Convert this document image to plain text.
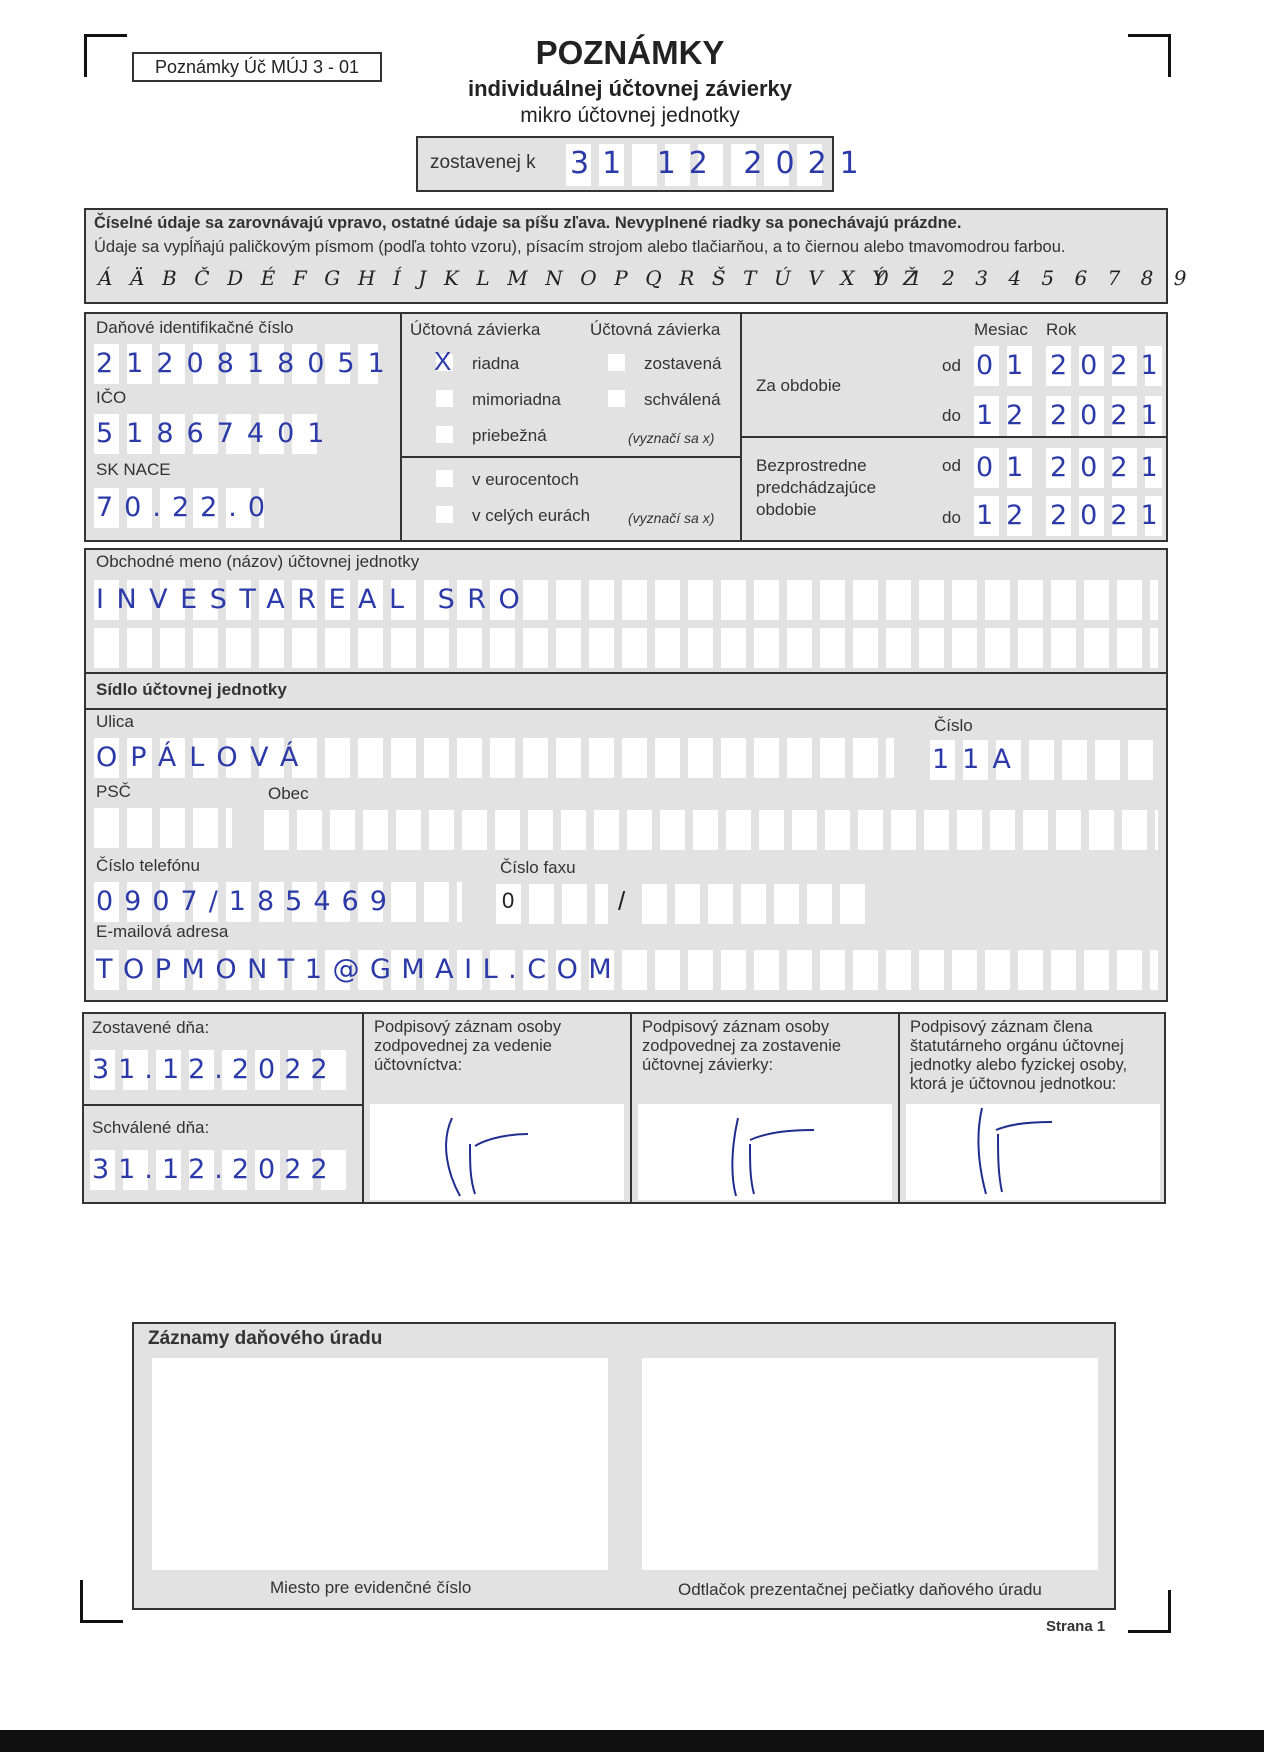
Poznámky Úč MÚJ 3 - 01	POZNÁMKY
individuálnej účtovnej závierky
mikro účtovnej jednotky
zostavenej k 31 12 2021
Číselné údaje sa zarovnávajú vpravo, ostatné údaje sa píšu zľava. Nevyplnené riadky sa ponechávajú prázdne.
Údaje sa vypĺňajú paličkovým písmom (podľa tohto vzoru), písacím strojom alebo tlačiarňou, a to čiernou alebo tmavomodrou farbou.
Á Ä B Č D É F G H Í J K L M N O P Q R Š T Ú V X Ý Ž
0 1 2 3 4 5 6 7 8 9
Daňové identifikačné číslo
2120818051
IČO
51867401
SK NACE
70.22.0
Účtovná závierka	Účtovná závierka
X riadna
mimoriadna
priebežná
zostavená
schválená
(vyznačí sa x)
v eurocentoch
v celých eurách	(vyznačí sa x)
Mesiac Rok
Za obdobie
od 01 2021
do 12 2021
Bezprostredne
predchádzajúce
obdobie
od 01 2021
do 12 2021
Obchodné meno (názov) účtovnej jednotky
INVESTAREAL SRO
Sídlo účtovnej jednotky
Ulica
OPÁLOVÁ
Číslo
11A
PSČ	Obec
Číslo telefónu
0907/185469
Číslo faxu
0	/
E-mailová adresa
TOPMONT1@GMAIL.COM
Zostavené dňa:
31.12.2022
Schválené dňa:
31.12.2022
Podpisový záznam osoby zodpovednej za vedenie účtovníctva:
Podpisový záznam osoby zodpovednej za zostavenie účtovnej závierky:
Podpisový záznam člena štatutárneho orgánu účtovnej jednotky alebo fyzickej osoby, ktorá je účtovnou jednotkou:
Záznamy daňového úradu
Miesto pre evidenčné číslo	Odtlačok prezentačnej pečiatky daňového úradu
Strana 1
